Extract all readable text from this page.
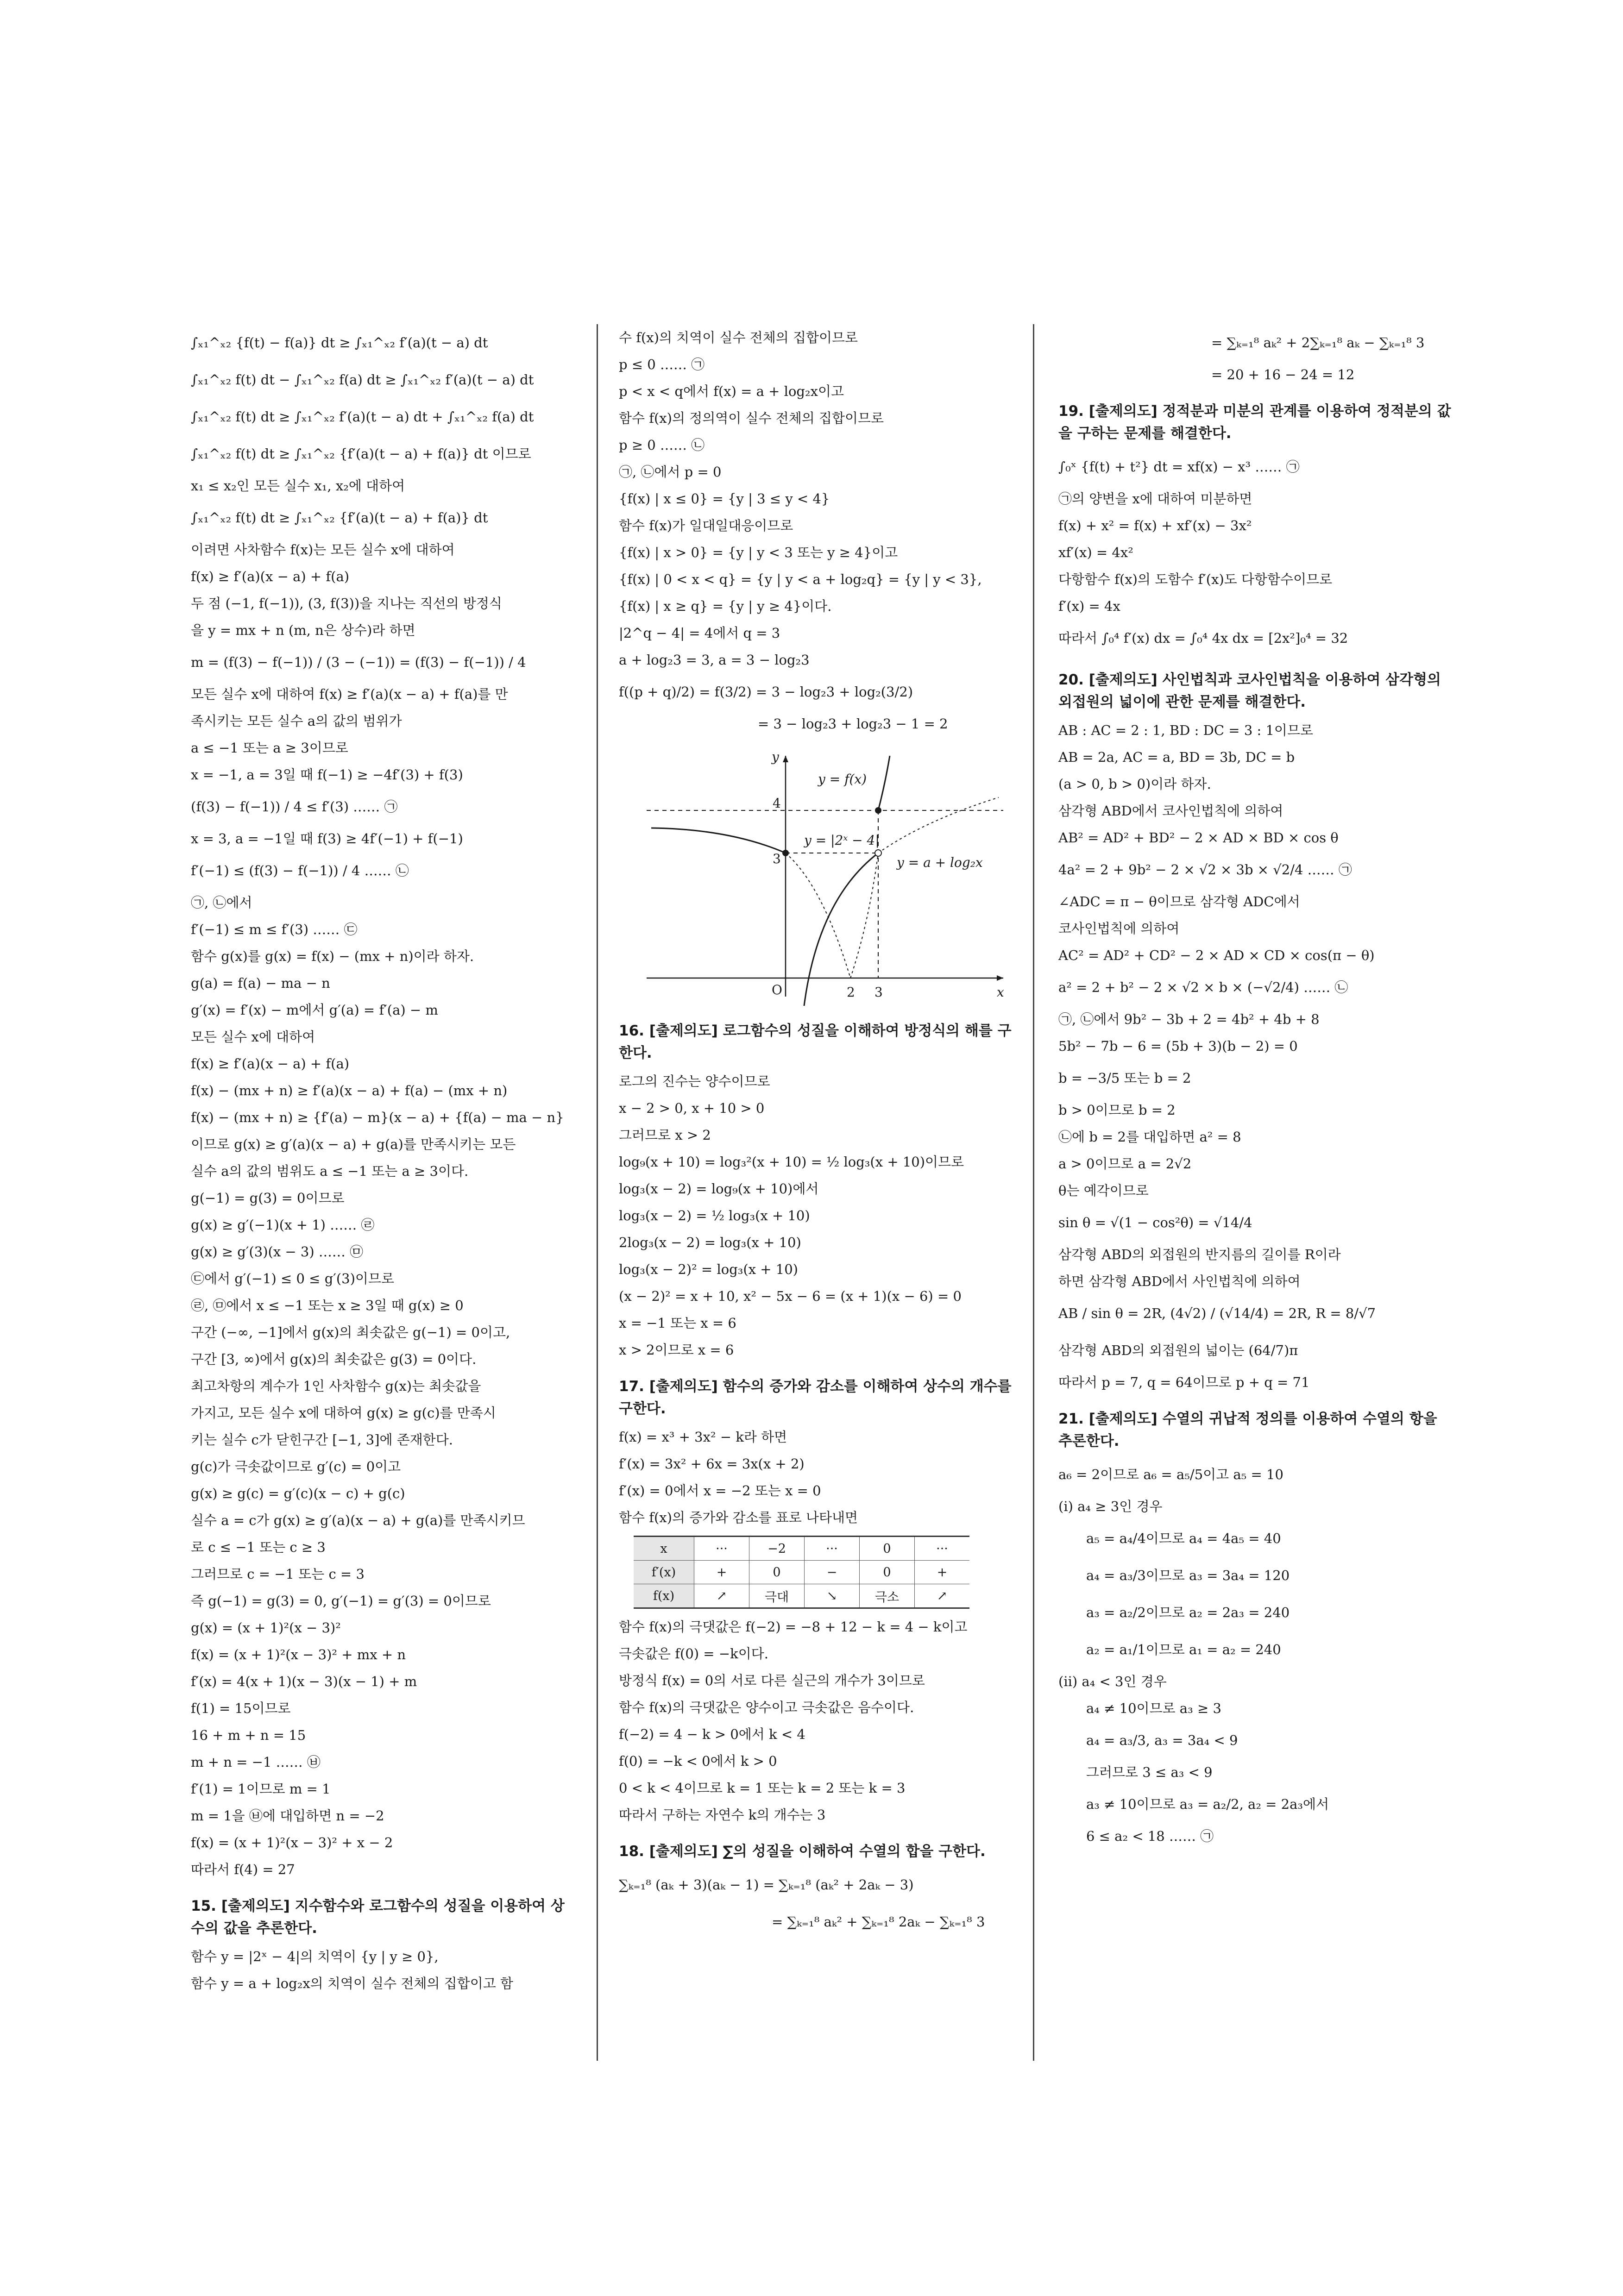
∫ₓ₁^ₓ₂ {f(t) − f(a)} dt ≥ ∫ₓ₁^ₓ₂ f′(a)(t − a) dt
∫ₓ₁^ₓ₂ f(t) dt − ∫ₓ₁^ₓ₂ f(a) dt ≥ ∫ₓ₁^ₓ₂ f′(a)(t − a) dt
∫ₓ₁^ₓ₂ f(t) dt ≥ ∫ₓ₁^ₓ₂ f′(a)(t − a) dt + ∫ₓ₁^ₓ₂ f(a) dt
∫ₓ₁^ₓ₂ f(t) dt ≥ ∫ₓ₁^ₓ₂ {f′(a)(t − a) + f(a)} dt 이므로
x₁ ≤ x₂인 모든 실수 x₁, x₂에 대하여
∫ₓ₁^ₓ₂ f(t) dt ≥ ∫ₓ₁^ₓ₂ {f′(a)(t − a) + f(a)} dt
이려면 사차함수 f(x)는 모든 실수 x에 대하여
f(x) ≥ f′(a)(x − a) + f(a)
두 점 (−1, f(−1)), (3, f(3))을 지나는 직선의 방정식
을 y = mx + n (m, n은 상수)라 하면
m = (f(3) − f(−1)) / (3 − (−1)) = (f(3) − f(−1)) / 4
모든 실수 x에 대하여 f(x) ≥ f′(a)(x − a) + f(a)를 만
족시키는 모든 실수 a의 값의 범위가
a ≤ −1 또는 a ≥ 3이므로
x = −1, a = 3일 때 f(−1) ≥ −4f′(3) + f(3)
(f(3) − f(−1)) / 4 ≤ f′(3) …… ㉠
x = 3, a = −1일 때 f(3) ≥ 4f′(−1) + f(−1)
f′(−1) ≤ (f(3) − f(−1)) / 4 …… ㉡
㉠, ㉡에서
f′(−1) ≤ m ≤ f′(3) …… ㉢
함수 g(x)를 g(x) = f(x) − (mx + n)이라 하자.
g(a) = f(a) − ma − n
g′(x) = f′(x) − m에서 g′(a) = f′(a) − m
모든 실수 x에 대하여
f(x) ≥ f′(a)(x − a) + f(a)
f(x) − (mx + n) ≥ f′(a)(x − a) + f(a) − (mx + n)
f(x) − (mx + n) ≥ {f′(a) − m}(x − a) + {f(a) − ma − n}
이므로 g(x) ≥ g′(a)(x − a) + g(a)를 만족시키는 모든
실수 a의 값의 범위도 a ≤ −1 또는 a ≥ 3이다.
g(−1) = g(3) = 0이므로
g(x) ≥ g′(−1)(x + 1) …… ㉣
g(x) ≥ g′(3)(x − 3) …… ㉤
㉢에서 g′(−1) ≤ 0 ≤ g′(3)이므로
㉣, ㉤에서 x ≤ −1 또는 x ≥ 3일 때 g(x) ≥ 0
구간 (−∞, −1]에서 g(x)의 최솟값은 g(−1) = 0이고,
구간 [3, ∞)에서 g(x)의 최솟값은 g(3) = 0이다.
최고차항의 계수가 1인 사차함수 g(x)는 최솟값을
가지고, 모든 실수 x에 대하여 g(x) ≥ g(c)를 만족시
키는 실수 c가 닫힌구간 [−1, 3]에 존재한다.
g(c)가 극솟값이므로 g′(c) = 0이고
g(x) ≥ g(c) = g′(c)(x − c) + g(c)
실수 a = c가 g(x) ≥ g′(a)(x − a) + g(a)를 만족시키므
로 c ≤ −1 또는 c ≥ 3
그러므로 c = −1 또는 c = 3
즉 g(−1) = g(3) = 0, g′(−1) = g′(3) = 0이므로
g(x) = (x + 1)²(x − 3)²
f(x) = (x + 1)²(x − 3)² + mx + n
f′(x) = 4(x + 1)(x − 3)(x − 1) + m
f(1) = 15이므로
16 + m + n = 15
m + n = −1 …… ㉥
f′(1) = 1이므로 m = 1
m = 1을 ㉥에 대입하면 n = −2
f(x) = (x + 1)²(x − 3)² + x − 2
따라서 f(4) = 27
15. [출제의도] 지수함수와 로그함수의 성질을 이용하여 상수의 값을 추론한다.
함수 y = |2ˣ − 4|의 치역이 {y | y ≥ 0},
함수 y = a + log₂x의 치역이 실수 전체의 집합이고 함
수 f(x)의 치역이 실수 전체의 집합이므로
p ≤ 0 …… ㉠
p < x < q에서 f(x) = a + log₂x이고
함수 f(x)의 정의역이 실수 전체의 집합이므로
p ≥ 0 …… ㉡
㉠, ㉡에서 p = 0
{f(x) | x ≤ 0} = {y | 3 ≤ y < 4}
함수 f(x)가 일대일대응이므로
{f(x) | x > 0} = {y | y < 3 또는 y ≥ 4}이고
{f(x) | 0 < x < q} = {y | y < a + log₂q} = {y | y < 3},
{f(x) | x ≥ q} = {y | y ≥ 4}이다.
|2^q − 4| = 4에서 q = 3
a + log₂3 = 3, a = 3 − log₂3
f((p + q)/2) = f(3/2) = 3 − log₂3 + log₂(3/2)
= 3 − log₂3 + log₂3 − 1 = 2
x
y
O
4
3
2 3
y = f(x)
y = |2ˣ − 4|
y = a + log₂x
16. [출제의도] 로그함수의 성질을 이해하여 방정식의 해를 구한다.
로그의 진수는 양수이므로
x − 2 > 0, x + 10 > 0
그러므로 x > 2
log₉(x + 10) = log₃²(x + 10) = ½ log₃(x + 10)이므로
log₃(x − 2) = log₉(x + 10)에서
log₃(x − 2) = ½ log₃(x + 10)
2log₃(x − 2) = log₃(x + 10)
log₃(x − 2)² = log₃(x + 10)
(x − 2)² = x + 10, x² − 5x − 6 = (x + 1)(x − 6) = 0
x = −1 또는 x = 6
x > 2이므로 x = 6
17. [출제의도] 함수의 증가와 감소를 이해하여 상수의 개수를 구한다.
f(x) = x³ + 3x² − k라 하면
f′(x) = 3x² + 6x = 3x(x + 2)
f′(x) = 0에서 x = −2 또는 x = 0
함수 f(x)의 증가와 감소를 표로 나타내면
x	···	−2	···	0	···
f′(x)	+	0	−	0	+
f(x)	↗	극대	↘	극소	↗
함수 f(x)의 극댓값은 f(−2) = −8 + 12 − k = 4 − k이고
극솟값은 f(0) = −k이다.
방정식 f(x) = 0의 서로 다른 실근의 개수가 3이므로
함수 f(x)의 극댓값은 양수이고 극솟값은 음수이다.
f(−2) = 4 − k > 0에서 k < 4
f(0) = −k < 0에서 k > 0
0 < k < 4이므로 k = 1 또는 k = 2 또는 k = 3
따라서 구하는 자연수 k의 개수는 3
18. [출제의도] ∑의 성질을 이해하여 수열의 합을 구한다.
∑ₖ₌₁⁸ (aₖ + 3)(aₖ − 1) = ∑ₖ₌₁⁸ (aₖ² + 2aₖ − 3)
= ∑ₖ₌₁⁸ aₖ² + ∑ₖ₌₁⁸ 2aₖ − ∑ₖ₌₁⁸ 3
= ∑ₖ₌₁⁸ aₖ² + 2∑ₖ₌₁⁸ aₖ − ∑ₖ₌₁⁸ 3
= 20 + 16 − 24 = 12
19. [출제의도] 정적분과 미분의 관계를 이용하여 정적분의 값을 구하는 문제를 해결한다.
∫₀ˣ {f(t) + t²} dt = xf(x) − x³ …… ㉠
㉠의 양변을 x에 대하여 미분하면
f(x) + x² = f(x) + xf′(x) − 3x²
xf′(x) = 4x²
다항함수 f(x)의 도함수 f′(x)도 다항함수이므로
f′(x) = 4x
따라서 ∫₀⁴ f′(x) dx = ∫₀⁴ 4x dx = [2x²]₀⁴ = 32
20. [출제의도] 사인법칙과 코사인법칙을 이용하여 삼각형의 외접원의 넓이에 관한 문제를 해결한다.
AB : AC = 2 : 1, BD : DC = 3 : 1이므로
AB = 2a, AC = a, BD = 3b, DC = b
(a > 0, b > 0)이라 하자.
삼각형 ABD에서 코사인법칙에 의하여
AB² = AD² + BD² − 2 × AD × BD × cos θ
4a² = 2 + 9b² − 2 × √2 × 3b × √2/4 …… ㉠
∠ADC = π − θ이므로 삼각형 ADC에서
코사인법칙에 의하여
AC² = AD² + CD² − 2 × AD × CD × cos(π − θ)
a² = 2 + b² − 2 × √2 × b × (−√2/4) …… ㉡
㉠, ㉡에서 9b² − 3b + 2 = 4b² + 4b + 8
5b² − 7b − 6 = (5b + 3)(b − 2) = 0
b = −3/5 또는 b = 2
b > 0이므로 b = 2
㉡에 b = 2를 대입하면 a² = 8
a > 0이므로 a = 2√2
θ는 예각이므로
sin θ = √(1 − cos²θ) = √14/4
삼각형 ABD의 외접원의 반지름의 길이를 R이라
하면 삼각형 ABD에서 사인법칙에 의하여
AB / sin θ = 2R, (4√2) / (√14/4) = 2R, R = 8/√7
삼각형 ABD의 외접원의 넓이는 (64/7)π
따라서 p = 7, q = 64이므로 p + q = 71
21. [출제의도] 수열의 귀납적 정의를 이용하여 수열의 항을 추론한다.
a₆ = 2이므로 a₆ = a₅/5이고 a₅ = 10
(ⅰ) a₄ ≥ 3인 경우
a₅ = a₄/4이므로 a₄ = 4a₅ = 40
a₄ = a₃/3이므로 a₃ = 3a₄ = 120
a₃ = a₂/2이므로 a₂ = 2a₃ = 240
a₂ = a₁/1이므로 a₁ = a₂ = 240
(ⅱ) a₄ < 3인 경우
a₄ ≠ 10이므로 a₃ ≥ 3
a₄ = a₃/3, a₃ = 3a₄ < 9
그러므로 3 ≤ a₃ < 9
a₃ ≠ 10이므로 a₃ = a₂/2, a₂ = 2a₃에서
6 ≤ a₂ < 18 …… ㉠
